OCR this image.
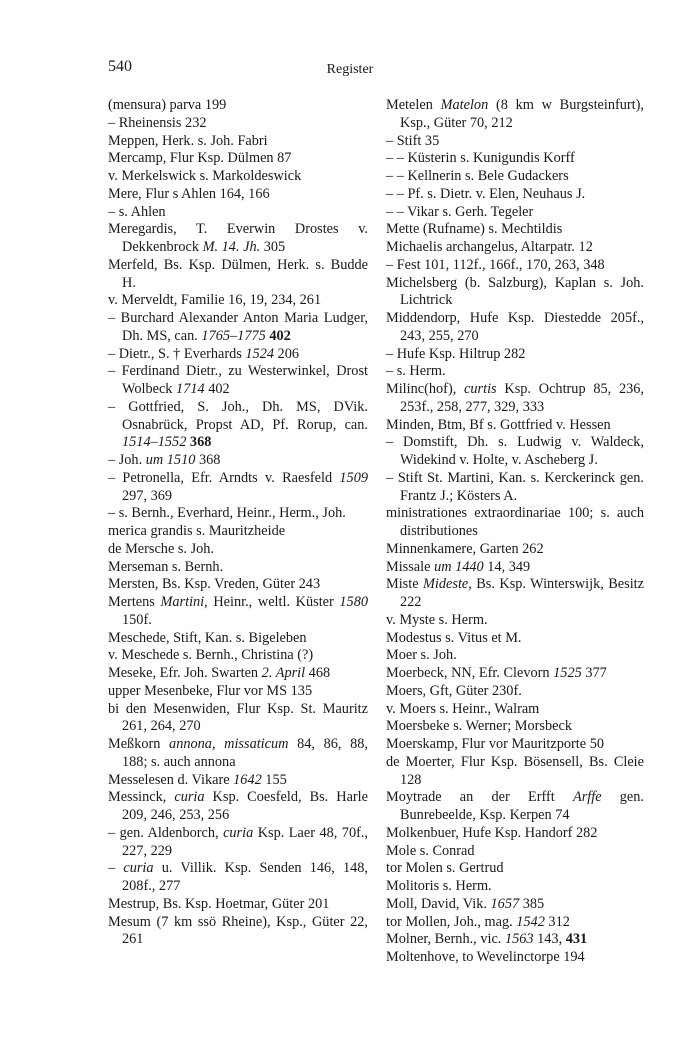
540	Register
(mensura) parva 199
– Rheinensis 232
Meppen, Herk. s. Joh. Fabri
Mercamp, Flur Ksp. Dülmen 87
v. Merkelswick s. Markoldeswick
Mere, Flur s Ahlen 164, 166
– s. Ahlen
Meregardis, T. Everwin Drostes v. Dekkenbrock M. 14. Jh. 305
Merfeld, Bs. Ksp. Dülmen, Herk. s. Budde H.
v. Merveldt, Familie 16, 19, 234, 261
– Burchard Alexander Anton Maria Ludger, Dh. MS, can. 1765–1775 402
– Dietr., S. † Everhards 1524 206
– Ferdinand Dietr., zu Westerwinkel, Drost Wolbeck 1714 402
– Gottfried, S. Joh., Dh. MS, DVik. Osnabrück, Propst AD, Pf. Rorup, can. 1514–1552 368
– Joh. um 1510 368
– Petronella, Efr. Arndts v. Raesfeld 1509 297, 369
– s. Bernh., Everhard, Heinr., Herm., Joh.
merica grandis s. Mauritzheide
de Mersche s. Joh.
Merseman s. Bernh.
Mersten, Bs. Ksp. Vreden, Güter 243
Mertens Martini, Heinr., weltl. Küster 1580 150f.
Meschede, Stift, Kan. s. Bigeleben
v. Meschede s. Bernh., Christina (?)
Meseke, Efr. Joh. Swarten 2. April 468
upper Mesenbeke, Flur vor MS 135
bi den Mesenwiden, Flur Ksp. St. Mauritz 261, 264, 270
Meßkorn annona, missaticum 84, 86, 88, 188; s. auch annona
Messelesen d. Vikare 1642 155
Messinck, curia Ksp. Coesfeld, Bs. Harle 209, 246, 253, 256
– gen. Aldenborch, curia Ksp. Laer 48, 70f., 227, 229
– curia u. Villik. Ksp. Senden 146, 148, 208f., 277
Mestrup, Bs. Ksp. Hoetmar, Güter 201
Mesum (7 km ssö Rheine), Ksp., Güter 22, 261
Metelen Matelon (8 km w Burgsteinfurt), Ksp., Güter 70, 212
– Stift 35
– – Küsterin s. Kunigundis Korff
– – Kellnerin s. Bele Gudackers
– – Pf. s. Dietr. v. Elen, Neuhaus J.
– – Vikar s. Gerh. Tegeler
Mette (Rufname) s. Mechtildis
Michaelis archangelus, Altarpatr. 12
– Fest 101, 112f., 166f., 170, 263, 348
Michelsberg (b. Salzburg), Kaplan s. Joh. Lichtrick
Middendorp, Hufe Ksp. Diestedde 205f., 243, 255, 270
– Hufe Ksp. Hiltrup 282
– s. Herm.
Milinc(hof), curtis Ksp. Ochtrup 85, 236, 253f., 258, 277, 329, 333
Minden, Btm, Bf s. Gottfried v. Hessen
– Domstift, Dh. s. Ludwig v. Waldeck, Widekind v. Holte, v. Ascheberg J.
– Stift St. Martini, Kan. s. Kerckerinck gen. Frantz J.; Kösters A.
ministrationes extraordinariae 100; s. auch distributiones
Minnenkamere, Garten 262
Missale um 1440 14, 349
Miste Mideste, Bs. Ksp. Winterswijk, Besitz 222
v. Myste s. Herm.
Modestus s. Vitus et M.
Moer s. Joh.
Moerbeck, NN, Efr. Clevorn 1525 377
Moers, Gft, Güter 230f.
v. Moers s. Heinr., Walram
Moersbeke s. Werner; Morsbeck
Moerskamp, Flur vor Mauritzporte 50
de Moerter, Flur Ksp. Bösensell, Bs. Cleie 128
Moytrade an der Erfft Arffe gen. Bunrebeelde, Ksp. Kerpen 74
Molkenbuer, Hufe Ksp. Handorf 282
Mole s. Conrad
tor Molen s. Gertrud
Molitoris s. Herm.
Moll, David, Vik. 1657 385
tor Mollen, Joh., mag. 1542 312
Molner, Bernh., vic. 1563 143, 431
Moltenhove, to Wevelinctorpe 194
